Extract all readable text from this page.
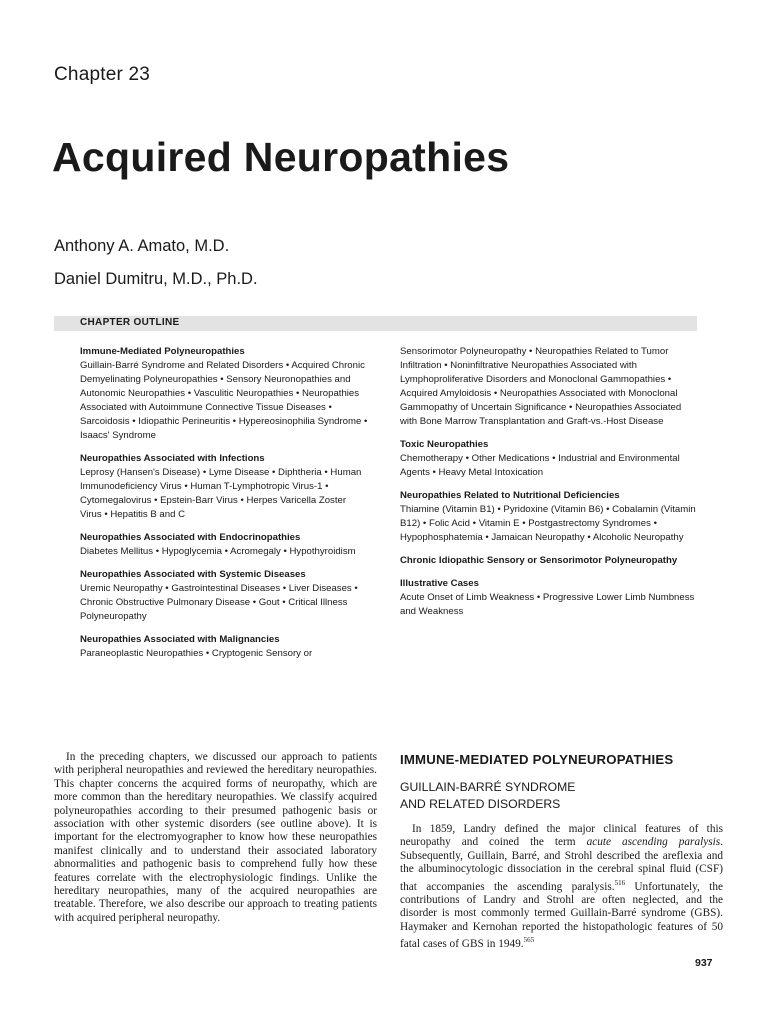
Chapter 23
Acquired Neuropathies
Anthony A. Amato, M.D.
Daniel Dumitru, M.D., Ph.D.
CHAPTER OUTLINE
Immune-Mediated Polyneuropathies
Guillain-Barré Syndrome and Related Disorders • Acquired Chronic Demyelinating Polyneuropathies • Sensory Neuronopathies and Autonomic Neuropathies • Vasculitic Neuropathies • Neuropathies Associated with Autoimmune Connective Tissue Diseases • Sarcoidosis • Idiopathic Perineuritis • Hypereosinophilia Syndrome • Isaacs' Syndrome
Neuropathies Associated with Infections
Leprosy (Hansen's Disease) • Lyme Disease • Diphtheria • Human Immunodeficiency Virus • Human T-Lymphotropic Virus-1 • Cytomegalovirus • Epstein-Barr Virus • Herpes Varicella Zoster Virus • Hepatitis B and C
Neuropathies Associated with Endocrinopathies
Diabetes Mellitus • Hypoglycemia • Acromegaly • Hypothyroidism
Neuropathies Associated with Systemic Diseases
Uremic Neuropathy • Gastrointestinal Diseases • Liver Diseases • Chronic Obstructive Pulmonary Disease • Gout • Critical Illness Polyneuropathy
Neuropathies Associated with Malignancies
Paraneoplastic Neuropathies • Cryptogenic Sensory or
Sensorimotor Polyneuropathy • Neuropathies Related to Tumor Infiltration • Noninfiltrative Neuropathies Associated with Lymphoproliferative Disorders and Monoclonal Gammopathies • Acquired Amyloidosis • Neuropathies Associated with Monoclonal Gammopathy of Uncertain Significance • Neuropathies Associated with Bone Marrow Transplantation and Graft-vs.-Host Disease
Toxic Neuropathies
Chemotherapy • Other Medications • Industrial and Environmental Agents • Heavy Metal Intoxication
Neuropathies Related to Nutritional Deficiencies
Thiamine (Vitamin B1) • Pyridoxine (Vitamin B6) • Cobalamin (Vitamin B12) • Folic Acid • Vitamin E • Postgastrectomy Syndromes • Hypophosphatemia • Jamaican Neuropathy • Alcoholic Neuropathy
Chronic Idiopathic Sensory or Sensorimotor Polyneuropathy
Illustrative Cases
Acute Onset of Limb Weakness • Progressive Lower Limb Numbness and Weakness

In the preceding chapters, we discussed our approach to patients with peripheral neuropathies and reviewed the hereditary neuropathies. This chapter concerns the acquired forms of neuropathy, which are more common than the hereditary neuropathies. We classify acquired polyneuropathies according to their presumed pathogenic basis or association with other systemic disorders (see outline above). It is important for the electromyographer to know how these neuropathies manifest clinically and to understand their associated laboratory abnormalities and pathogenic basis to comprehend fully how these features correlate with the electrophysiologic findings. Unlike the hereditary neuropathies, many of the acquired neuropathies are treatable. Therefore, we also describe our approach to treating patients with acquired peripheral neuropathy.

IMMUNE-MEDIATED POLYNEUROPATHIES
GUILLAIN-BARRÉ SYNDROME
AND RELATED DISORDERS

In 1859, Landry defined the major clinical features of this neuropathy and coined the term acute ascending paralysis. Subsequently, Guillain, Barré, and Strohl described the areflexia and the albuminocytologic dissociation in the cerebral spinal fluid (CSF) that accompanies the ascending paralysis.$^{516}$ Unfortunately, the contributions of Landry and Strohl are often neglected, and the disorder is most commonly termed Guillain-Barré syndrome (GBS). Haymaker and Kernohan reported the histopathologic features of 50 fatal cases of GBS in 1949.$^{565}$

937
